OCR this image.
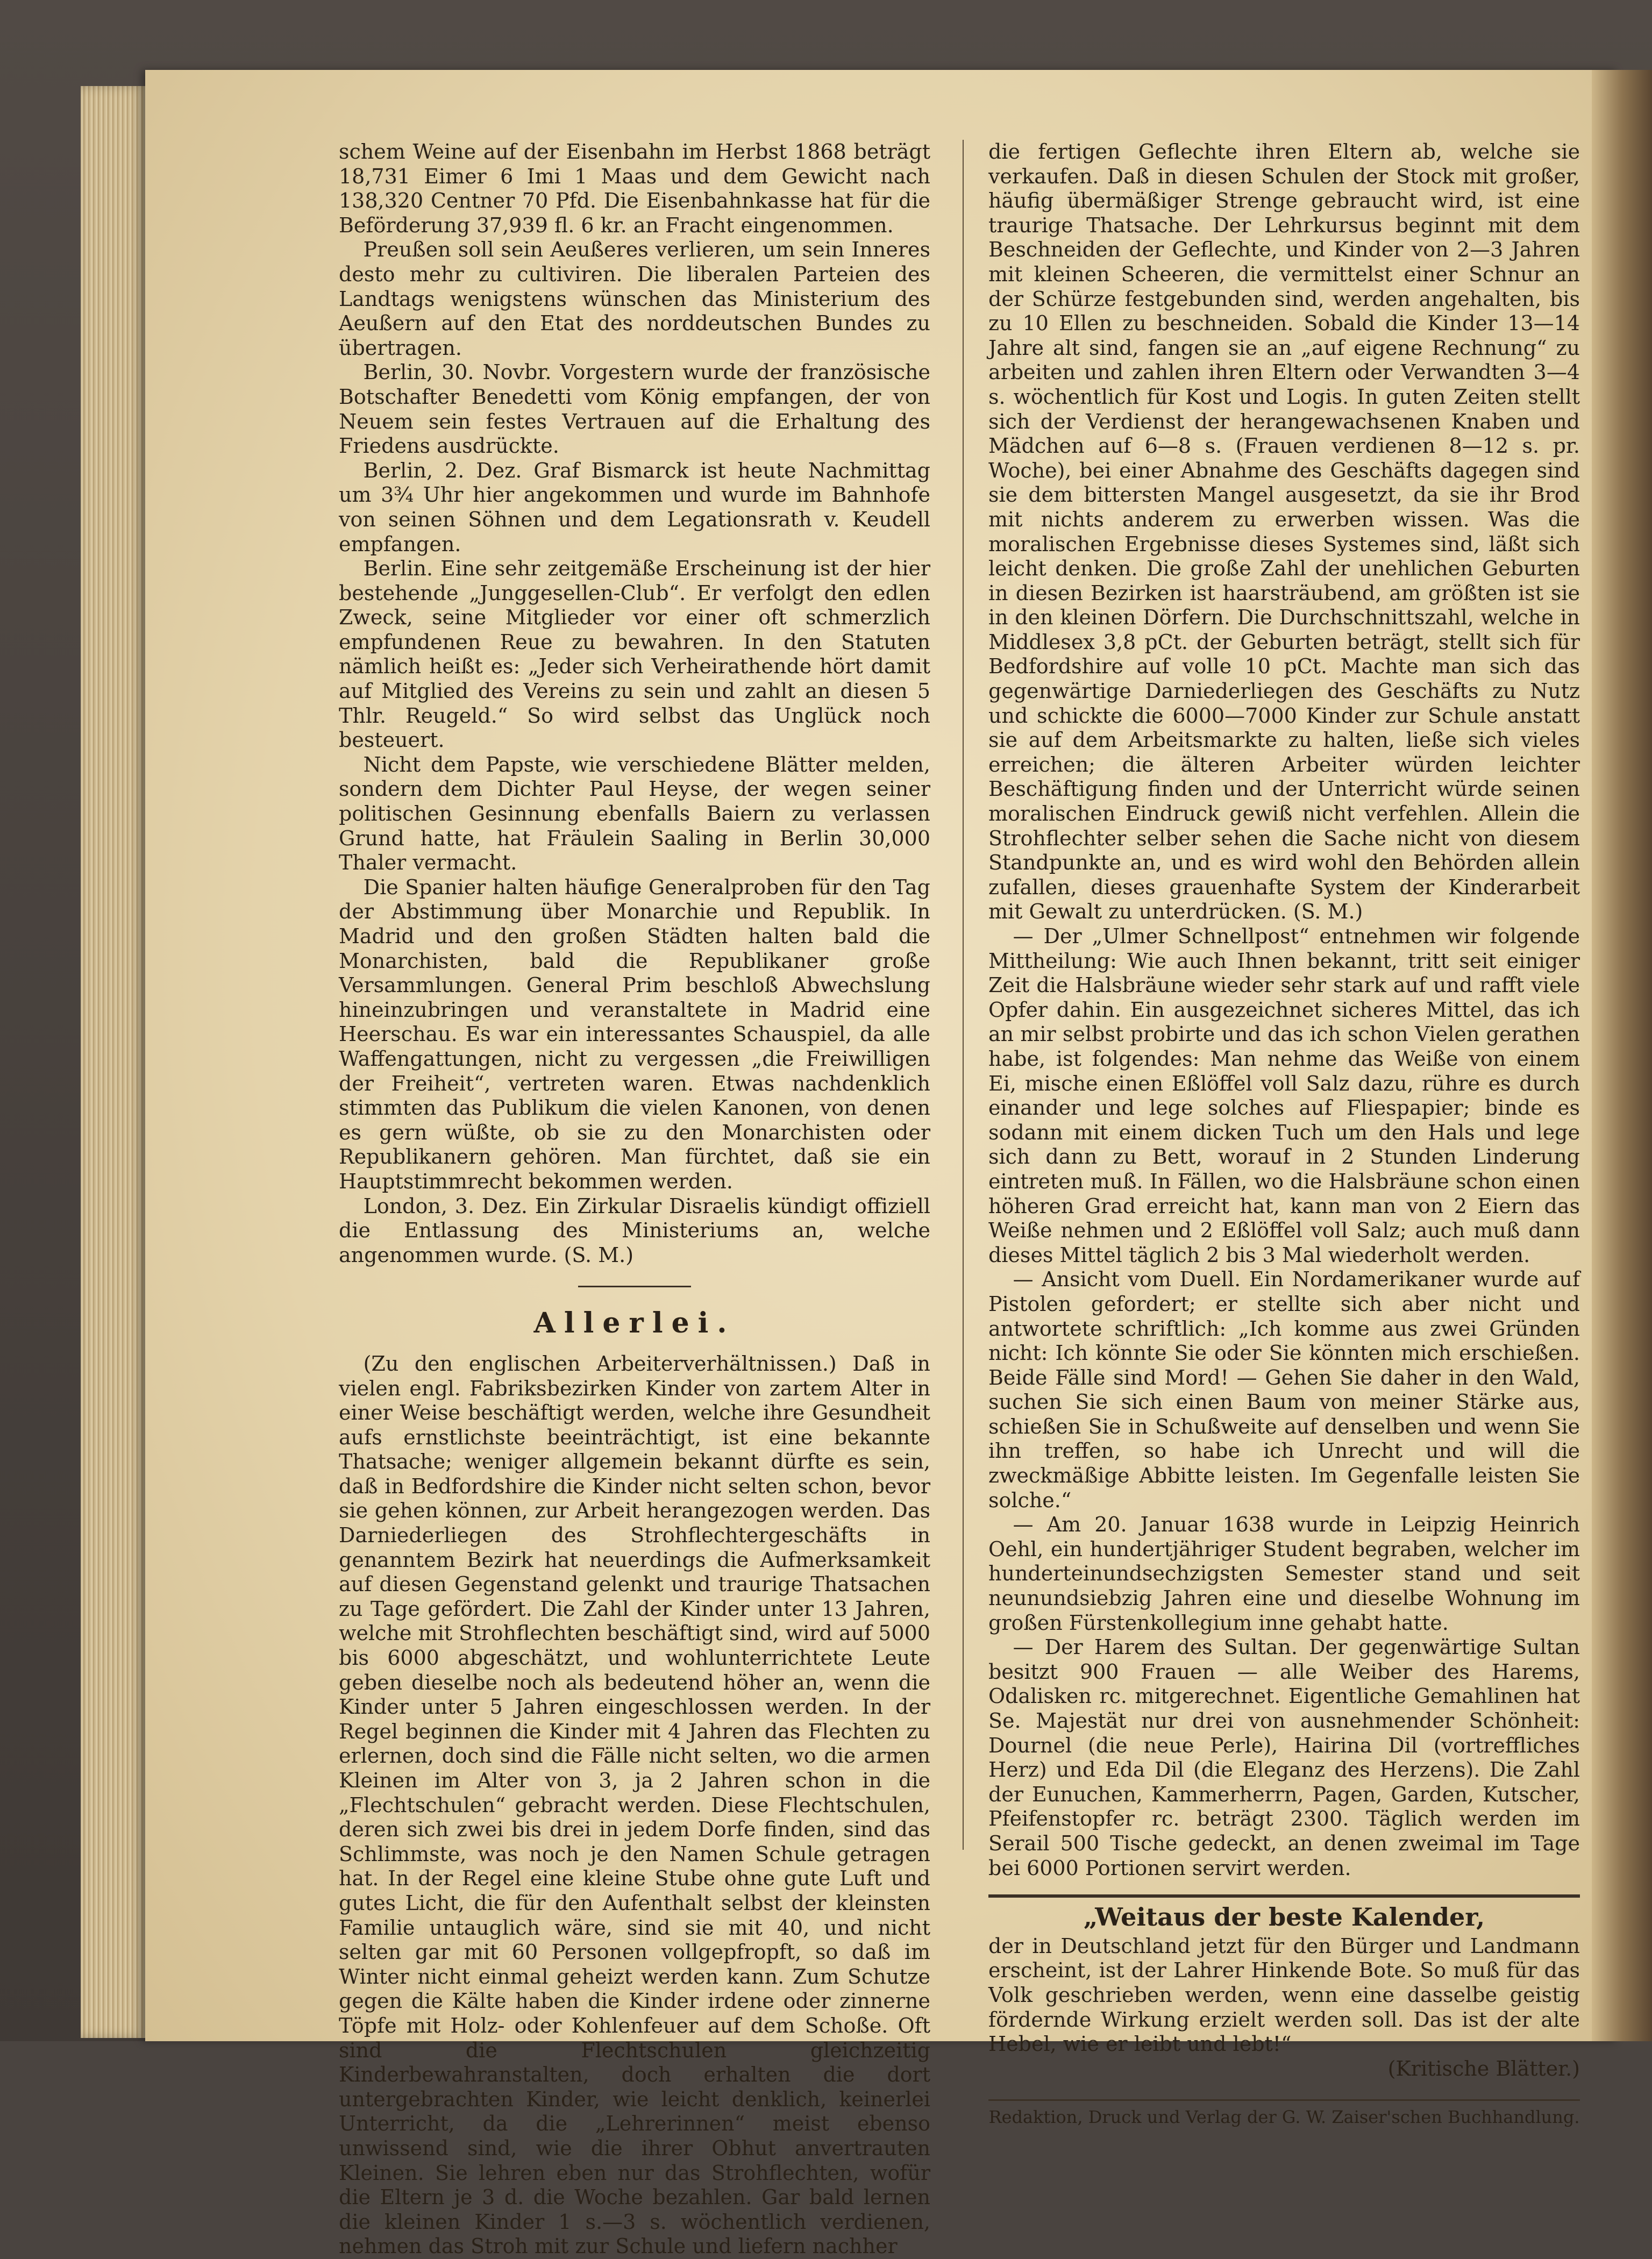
schem Weine auf der Eisenbahn im Herbst 1868 beträgt 18,731 Eimer 6 Imi 1 Maas und dem Gewicht nach 138,320 Centner 70 Pfd. Die Eisenbahnkasse hat für die Beförderung 37,939 fl. 6 kr. an Fracht eingenommen.

Preußen soll sein Aeußeres verlieren, um sein Inneres desto mehr zu cultiviren. Die liberalen Parteien des Landtags wenigstens wünschen das Ministerium des Aeußern auf den Etat des norddeutschen Bundes zu übertragen.

Berlin, 30. Novbr. Vorgestern wurde der französische Botschafter Benedetti vom König empfangen, der von Neuem sein festes Vertrauen auf die Erhaltung des Friedens ausdrückte.

Berlin, 2. Dez. Graf Bismarck ist heute Nachmittag um 3¾ Uhr hier angekommen und wurde im Bahnhofe von seinen Söhnen und dem Legationsrath v. Keudell empfangen.

Berlin. Eine sehr zeitgemäße Erscheinung ist der hier bestehende „Junggesellen-Club“. Er verfolgt den edlen Zweck, seine Mitglieder vor einer oft schmerzlich empfundenen Reue zu bewahren. In den Statuten nämlich heißt es: „Jeder sich Verheirathende hört damit auf Mitglied des Vereins zu sein und zahlt an diesen 5 Thlr. Reugeld.“ So wird selbst das Unglück noch besteuert.

Nicht dem Papste, wie verschiedene Blätter melden, sondern dem Dichter Paul Heyse, der wegen seiner politischen Gesinnung ebenfalls Baiern zu verlassen Grund hatte, hat Fräulein Saaling in Berlin 30,000 Thaler vermacht.

Die Spanier halten häufige Generalproben für den Tag der Abstimmung über Monarchie und Republik. In Madrid und den großen Städten halten bald die Monarchisten, bald die Republikaner große Versammlungen. General Prim beschloß Abwechslung hineinzubringen und veranstaltete in Madrid eine Heerschau. Es war ein interessantes Schauspiel, da alle Waffengattungen, nicht zu vergessen „die Freiwilligen der Freiheit“, vertreten waren. Etwas nachdenklich stimmten das Publikum die vielen Kanonen, von denen es gern wüßte, ob sie zu den Monarchisten oder Republikanern gehören. Man fürchtet, daß sie ein Hauptstimmrecht bekommen werden.

London, 3. Dez. Ein Zirkular Disraelis kündigt offiziell die Entlassung des Ministeriums an, welche angenommen wurde. (S. M.)

Allerlei.

(Zu den englischen Arbeiterverhältnissen.) Daß in vielen engl. Fabriksbezirken Kinder von zartem Alter in einer Weise beschäftigt werden, welche ihre Gesundheit aufs ernstlichste beeinträchtigt, ist eine bekannte Thatsache; weniger allgemein bekannt dürfte es sein, daß in Bedfordshire die Kinder nicht selten schon, bevor sie gehen können, zur Arbeit herangezogen werden. Das Darniederliegen des Strohflechtergeschäfts in genanntem Bezirk hat neuerdings die Aufmerksamkeit auf diesen Gegenstand gelenkt und traurige Thatsachen zu Tage gefördert. Die Zahl der Kinder unter 13 Jahren, welche mit Strohflechten beschäftigt sind, wird auf 5000 bis 6000 abgeschätzt, und wohlunterrichtete Leute geben dieselbe noch als bedeutend höher an, wenn die Kinder unter 5 Jahren eingeschlossen werden. In der Regel beginnen die Kinder mit 4 Jahren das Flechten zu erlernen, doch sind die Fälle nicht selten, wo die armen Kleinen im Alter von 3, ja 2 Jahren schon in die „Flechtschulen“ gebracht werden. Diese Flechtschulen, deren sich zwei bis drei in jedem Dorfe finden, sind das Schlimmste, was noch je den Namen Schule getragen hat. In der Regel eine kleine Stube ohne gute Luft und gutes Licht, die für den Aufenthalt selbst der kleinsten Familie untauglich wäre, sind sie mit 40, und nicht selten gar mit 60 Personen vollgepfropft, so daß im Winter nicht einmal geheizt werden kann. Zum Schutze gegen die Kälte haben die Kinder irdene oder zinnerne Töpfe mit Holz- oder Kohlenfeuer auf dem Schoße. Oft sind die Flechtschulen gleichzeitig Kinderbewahranstalten, doch erhalten die dort untergebrachten Kinder, wie leicht denklich, keinerlei Unterricht, da die „Lehrerinnen“ meist ebenso unwissend sind, wie die ihrer Obhut anvertrauten Kleinen. Sie lehren eben nur das Strohflechten, wofür die Eltern je 3 d. die Woche bezahlen. Gar bald lernen die kleinen Kinder 1 s.—3 s. wöchentlich verdienen, nehmen das Stroh mit zur Schule und liefern nachher

die fertigen Geflechte ihren Eltern ab, welche sie verkaufen. Daß in diesen Schulen der Stock mit großer, häufig übermäßiger Strenge gebraucht wird, ist eine traurige Thatsache. Der Lehrkursus beginnt mit dem Beschneiden der Geflechte, und Kinder von 2—3 Jahren mit kleinen Scheeren, die vermittelst einer Schnur an der Schürze festgebunden sind, werden angehalten, bis zu 10 Ellen zu beschneiden. Sobald die Kinder 13—14 Jahre alt sind, fangen sie an „auf eigene Rechnung“ zu arbeiten und zahlen ihren Eltern oder Verwandten 3—4 s. wöchentlich für Kost und Logis. In guten Zeiten stellt sich der Verdienst der herangewachsenen Knaben und Mädchen auf 6—8 s. (Frauen verdienen 8—12 s. pr. Woche), bei einer Abnahme des Geschäfts dagegen sind sie dem bittersten Mangel ausgesetzt, da sie ihr Brod mit nichts anderem zu erwerben wissen. Was die moralischen Ergebnisse dieses Systemes sind, läßt sich leicht denken. Die große Zahl der unehlichen Geburten in diesen Bezirken ist haarsträubend, am größten ist sie in den kleinen Dörfern. Die Durchschnittszahl, welche in Middlesex 3,8 pCt. der Geburten beträgt, stellt sich für Bedfordshire auf volle 10 pCt. Machte man sich das gegenwärtige Darniederliegen des Geschäfts zu Nutz und schickte die 6000—7000 Kinder zur Schule anstatt sie auf dem Arbeitsmarkte zu halten, ließe sich vieles erreichen; die älteren Arbeiter würden leichter Beschäftigung finden und der Unterricht würde seinen moralischen Eindruck gewiß nicht verfehlen. Allein die Strohflechter selber sehen die Sache nicht von diesem Standpunkte an, und es wird wohl den Behörden allein zufallen, dieses grauenhafte System der Kinderarbeit mit Gewalt zu unterdrücken. (S. M.)

— Der „Ulmer Schnellpost“ entnehmen wir folgende Mittheilung: Wie auch Ihnen bekannt, tritt seit einiger Zeit die Halsbräune wieder sehr stark auf und rafft viele Opfer dahin. Ein ausgezeichnet sicheres Mittel, das ich an mir selbst probirte und das ich schon Vielen gerathen habe, ist folgendes: Man nehme das Weiße von einem Ei, mische einen Eßlöffel voll Salz dazu, rühre es durch einander und lege solches auf Fliespapier; binde es sodann mit einem dicken Tuch um den Hals und lege sich dann zu Bett, worauf in 2 Stunden Linderung eintreten muß. In Fällen, wo die Halsbräune schon einen höheren Grad erreicht hat, kann man von 2 Eiern das Weiße nehmen und 2 Eßlöffel voll Salz; auch muß dann dieses Mittel täglich 2 bis 3 Mal wiederholt werden.

— Ansicht vom Duell. Ein Nordamerikaner wurde auf Pistolen gefordert; er stellte sich aber nicht und antwortete schriftlich: „Ich komme aus zwei Gründen nicht: Ich könnte Sie oder Sie könnten mich erschießen. Beide Fälle sind Mord! — Gehen Sie daher in den Wald, suchen Sie sich einen Baum von meiner Stärke aus, schießen Sie in Schußweite auf denselben und wenn Sie ihn treffen, so habe ich Unrecht und will die zweckmäßige Abbitte leisten. Im Gegenfalle leisten Sie solche.“

— Am 20. Januar 1638 wurde in Leipzig Heinrich Oehl, ein hundertjähriger Student begraben, welcher im hunderteinundsechzigsten Semester stand und seit neunundsiebzig Jahren eine und dieselbe Wohnung im großen Fürstenkollegium inne gehabt hatte.

— Der Harem des Sultan. Der gegenwärtige Sultan besitzt 900 Frauen — alle Weiber des Harems, Odalisken rc. mitgerechnet. Eigentliche Gemahlinen hat Se. Majestät nur drei von ausnehmender Schönheit: Dournel (die neue Perle), Hairina Dil (vortreffliches Herz) und Eda Dil (die Eleganz des Herzens). Die Zahl der Eunuchen, Kammerherrn, Pagen, Garden, Kutscher, Pfeifenstopfer rc. beträgt 2300. Täglich werden im Serail 500 Tische gedeckt, an denen zweimal im Tage bei 6000 Portionen servirt werden.

„Weitaus der beste Kalender,

der in Deutschland jetzt für den Bürger und Landmann erscheint, ist der Lahrer Hinkende Bote. So muß für das Volk geschrieben werden, wenn eine dasselbe geistig fördernde Wirkung erzielt werden soll. Das ist der alte Hebel, wie er leibt und lebt!“

(Kritische Blätter.)

Redaktion, Druck und Verlag der G. W. Zaiser'schen Buchhandlung.
